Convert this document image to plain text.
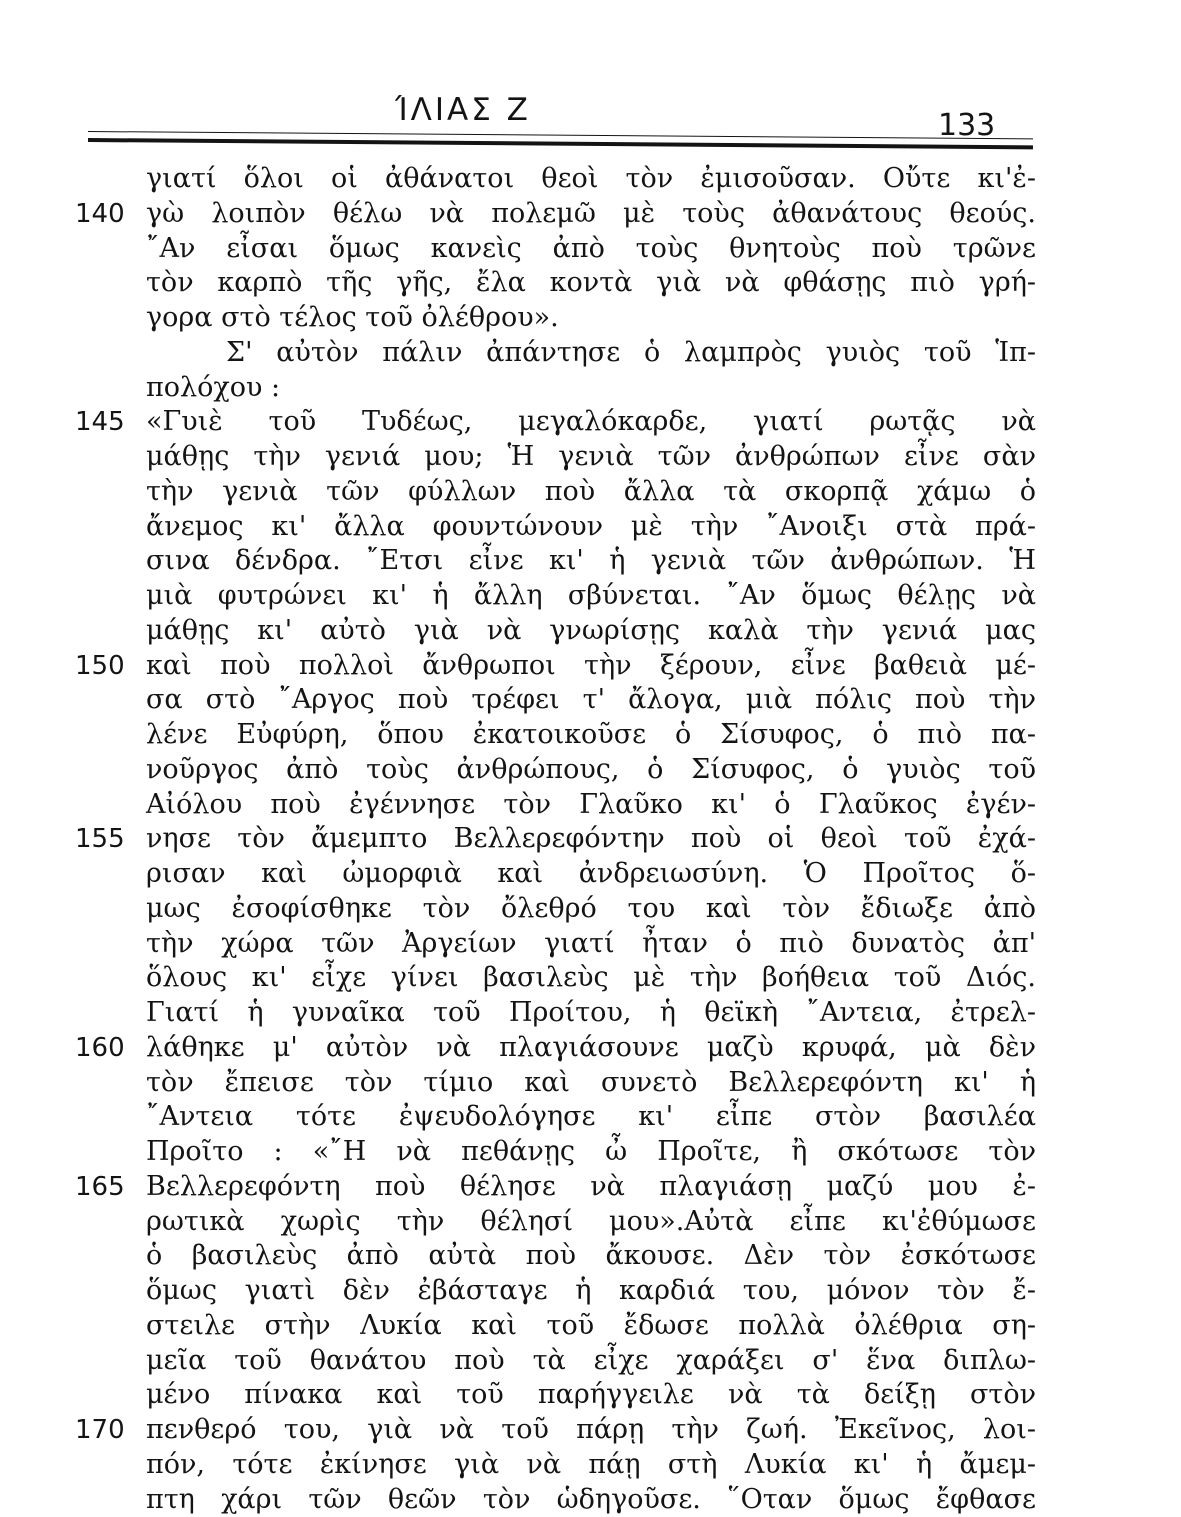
ΊΛΙΑΣ Ζ	133
γιατί ὅλοι οἱ ἀθάνατοι θεοὶ τὸν ἐμισοῦσαν. Οὔτε κι'ἐ-
140 γὼ λοιπὸν θέλω νὰ πολεμῶ μὲ τοὺς ἀθανάτους θεούς.
῎Αν εἶσαι ὅμως κανεὶς ἀπὸ τοὺς θνητοὺς ποὺ τρῶνε
τὸν καρπὸ τῆς γῆς, ἔλα κοντὰ γιὰ νὰ φθάσῃς πιὸ γρή-
γορα στὸ τέλος τοῦ ὀλέθρου».
Σ' αὐτὸν πάλιν ἀπάντησε ὁ λαμπρὸς γυιὸς τοῦ Ἱπ-
πολόχου :
145 «Γυιὲ τοῦ Τυδέως, μεγαλόκαρδε, γιατί ρωτᾷς νὰ
μάθῃς τὴν γενιά μου; Ἡ γενιὰ τῶν ἀνθρώπων εἶνε σὰν
τὴν γενιὰ τῶν φύλλων ποὺ ἄλλα τὰ σκορπᾷ χάμω ὁ
ἄνεμος κι' ἄλλα φουντώνουν μὲ τὴν ῎Ανοιξι στὰ πρά-
σινα δένδρα. ῎Ετσι εἶνε κι' ἡ γενιὰ τῶν ἀνθρώπων. Ἡ
μιὰ φυτρώνει κι' ἡ ἄλλη σβύνεται. ῎Αν ὅμως θέλῃς νὰ
μάθῃς κι' αὐτὸ γιὰ νὰ γνωρίσῃς καλὰ τὴν γενιά μας
150 καὶ ποὺ πολλοὶ ἄνθρωποι τὴν ξέρουν, εἶνε βαθειὰ μέ-
σα στὸ ῎Αργος ποὺ τρέφει τ' ἄλογα, μιὰ πόλις ποὺ τὴν
λένε Εὐφύρη, ὅπου ἐκατοικοῦσε ὁ Σίσυφος, ὁ πιὸ πα-
νοῦργος ἀπὸ τοὺς ἀνθρώπους, ὁ Σίσυφος, ὁ γυιὸς τοῦ
Αἰόλου ποὺ ἐγέννησε τὸν Γλαῦκο κι' ὁ Γλαῦκος ἐγέν-
155 νησε τὸν ἄμεμπτο Βελλερεφόντην ποὺ οἱ θεοὶ τοῦ ἐχά-
ρισαν καὶ ὠμορφιὰ καὶ ἀνδρειωσύνη. Ὁ Προῖτος ὅ-
μως ἐσοφίσθηκε τὸν ὄλεθρό του καὶ τὸν ἔδιωξε ἀπὸ
τὴν χώρα τῶν Ἀργείων γιατί ἦταν ὁ πιὸ δυνατὸς ἀπ'
ὅλους κι' εἶχε γίνει βασιλεὺς μὲ τὴν βοήθεια τοῦ Διός.
Γιατί ἡ γυναῖκα τοῦ Προίτου, ἡ θεϊκὴ ῎Αντεια, ἐτρελ-
160 λάθηκε μ' αὐτὸν νὰ πλαγιάσουνε μαζὺ κρυφά, μὰ δὲν
τὸν ἔπεισε τὸν τίμιο καὶ συνετὸ Βελλερεφόντη κι' ἡ
῎Αντεια τότε ἐψευδολόγησε κι' εἶπε στὸν βασιλέα
Προῖτο : «῎Η νὰ πεθάνῃς ὦ Προῖτε, ἢ σκότωσε τὸν
165 Βελλερεφόντη ποὺ θέλησε νὰ πλαγιάσῃ μαζύ μου ἐ-
ρωτικὰ χωρὶς τὴν θέλησί μου».Αὐτὰ εἶπε κι'ἐθύμωσε
ὁ βασιλεὺς ἀπὸ αὐτὰ ποὺ ἄκουσε. Δὲν τὸν ἐσκότωσε
ὅμως γιατὶ δὲν ἐβάσταγε ἡ καρδιά του, μόνον τὸν ἔ-
στειλε στὴν Λυκία καὶ τοῦ ἔδωσε πολλὰ ὀλέθρια ση-
μεῖα τοῦ θανάτου ποὺ τὰ εἶχε χαράξει σ' ἕνα διπλω-
μένο πίνακα καὶ τοῦ παρήγγειλε νὰ τὰ δείξῃ στὸν
170 πενθερό του, γιὰ νὰ τοῦ πάρῃ τὴν ζωή. Ἐκεῖνος, λοι-
πόν, τότε ἐκίνησε γιὰ νὰ πάῃ στὴ Λυκία κι' ἡ ἄμεμ-
πτη χάρι τῶν θεῶν τὸν ὡδηγοῦσε. ῞Οταν ὅμως ἔφθασε
